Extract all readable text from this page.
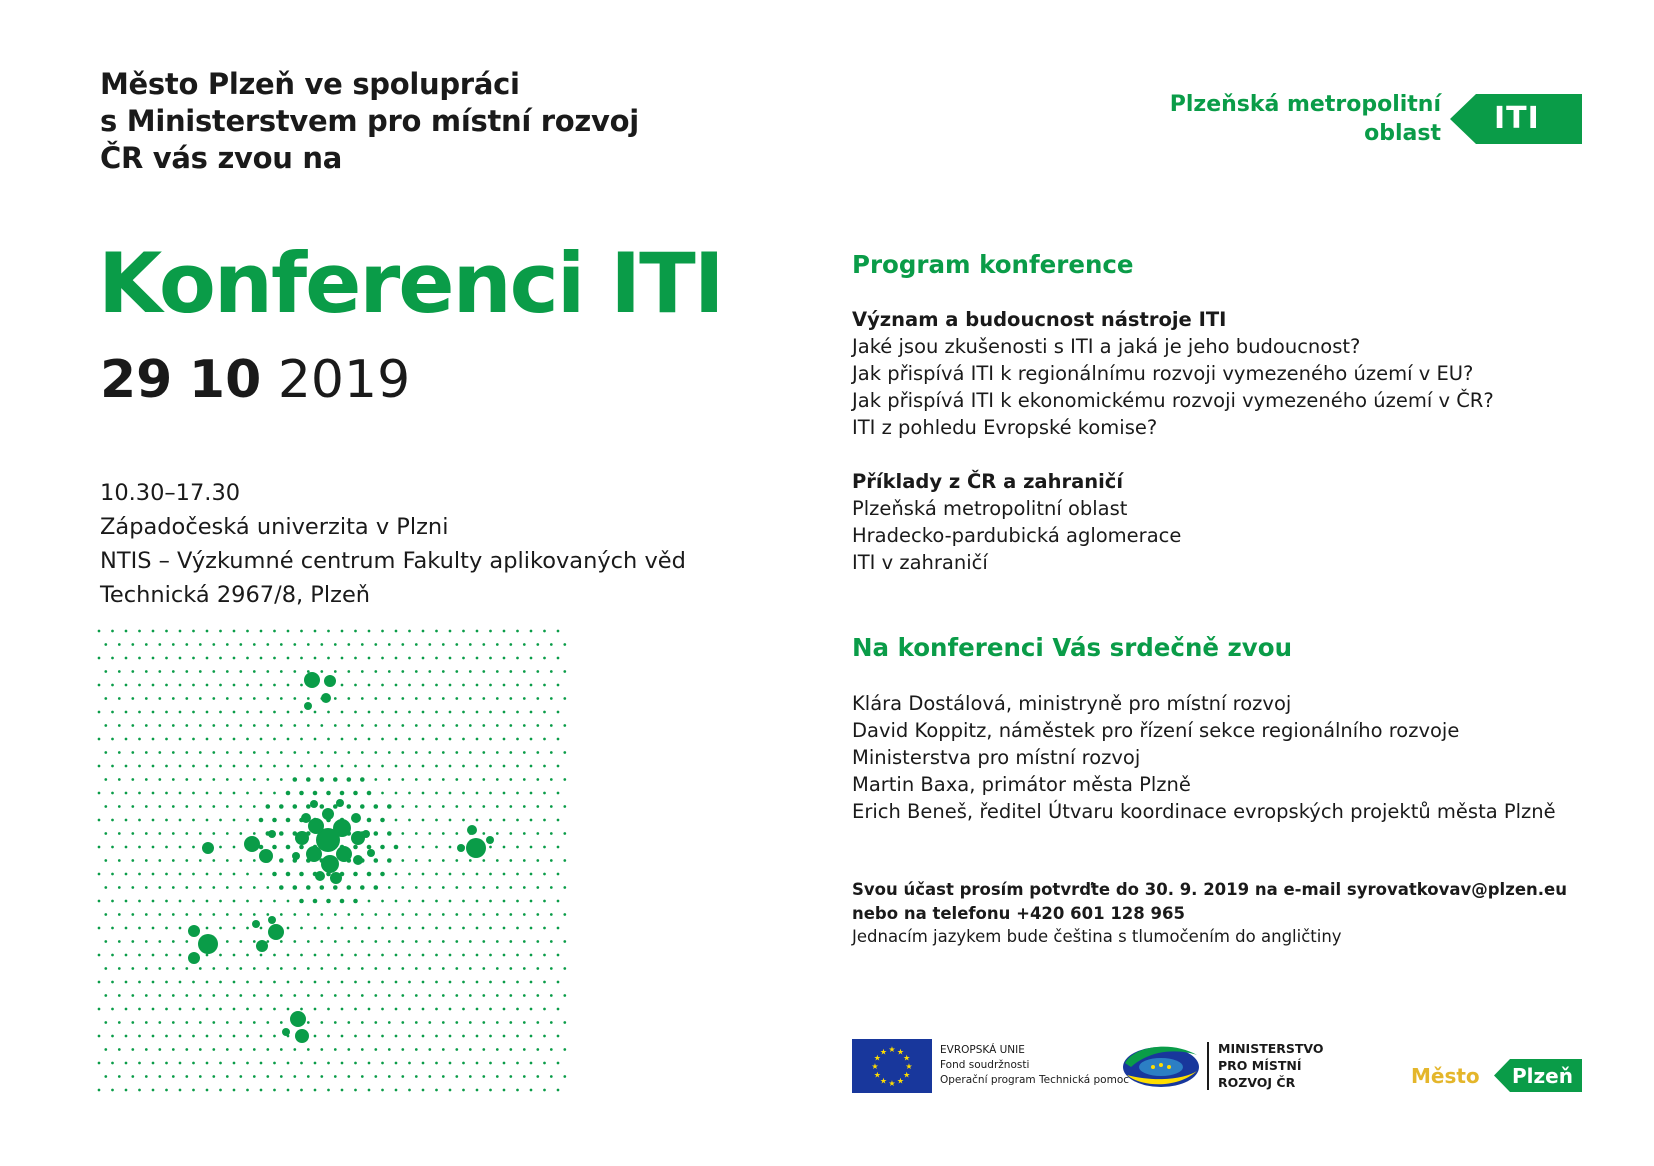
Město Plzeň ve spolupráci
s Ministerstvem pro místní rozvoj
ČR vás zvou na
Konferenci ITI
29 10 2019
10.30–17.30
Západočeská univerzita v Plzni
NTIS – Výzkumné centrum Fakulty aplikovaných věd
Technická 2967/8, Plzeň
Plzeňská metropolitní
oblast ITI
Program konference
Význam a budoucnost nástroje ITI
Jaké jsou zkušenosti s ITI a jaká je jeho budoucnost?
Jak přispívá ITI k regionálnímu rozvoji vymezeného území v EU?
Jak přispívá ITI k ekonomickému rozvoji vymezeného území v ČR?
ITI z pohledu Evropské komise?
Příklady z ČR a zahraničí
Plzeňská metropolitní oblast
Hradecko-pardubická aglomerace
ITI v zahraničí
Na konferenci Vás srdečně zvou
Klára Dostálová, ministryně pro místní rozvoj
David Koppitz, náměstek pro řízení sekce regionálního rozvoje
Ministerstva pro místní rozvoj
Martin Baxa, primátor města Plzně
Erich Beneš, ředitel Útvaru koordinace evropských projektů města Plzně
Svou účast prosím potvrďte do 30. 9. 2019 na e-mail syrovatkovav@plzen.eu
nebo na telefonu +420 601 128 965
Jednacím jazykem bude čeština s tlumočením do angličtiny
★
★
★
★
★
★
★
★
★ ★ ★
★
EVROPSKÁ UNIE
Fond soudržnosti
Operační program Technická pomoc
MINISTERSTVO
PRO MÍSTNÍ
ROZVOJ ČR	Město Plzeň
